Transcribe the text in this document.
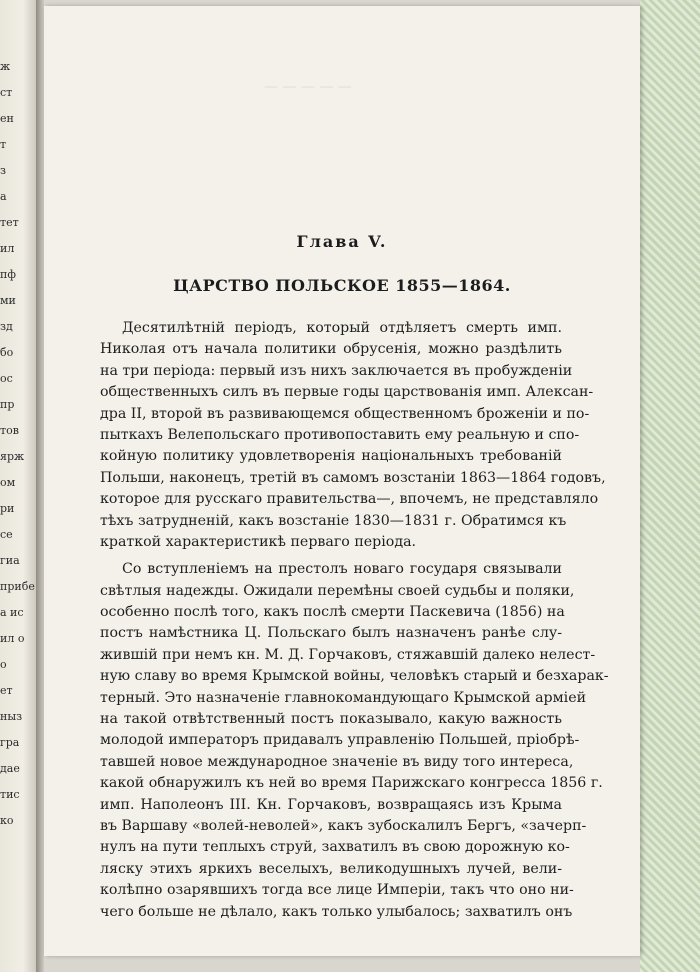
ж
ст
ен
т
з
а
тет
ил
пф
ми
зд
бо
ос
пр
тов
ярж
ом
ри
се
гиа
прибе
а ис
ил о
о
ет
ныз
гра
дае
тис
ко
— — — — —
Глава V.
ЦАРСТВО ПОЛЬСКОЕ 1855—1864.
Десятилѣтній періодъ, который отдѣляетъ смерть имп.
Николая отъ начала политики обрусенія, можно раздѣлить
на три періода: первый изъ нихъ заключается въ пробужденіи
общественныхъ силъ въ первые годы царствованія имп. Алексан-
дра II, второй въ развивающемся общественномъ броженіи и по-
пыткахъ Велепольскаго противопоставить ему реальную и спо-
койную политику удовлетворенія національныхъ требованій
Польши, наконецъ, третій въ самомъ возстаніи 1863—1864 годовъ,
которое для русскаго правительства—, впочемъ, не представляло
тѣхъ затрудненій, какъ возстаніе 1830—1831 г. Обратимся къ
краткой характеристикѣ перваго періода.
Со вступленіемъ на престолъ новаго государя связывали
свѣтлыя надежды. Ожидали перемѣны своей судьбы и поляки,
особенно послѣ того, какъ послѣ смерти Паскевича (1856) на
постъ намѣстника Ц. Польскаго былъ назначенъ ранѣе слу-
жившій при немъ кн. М. Д. Горчаковъ, стяжавшій далеко нелест-
ную славу во время Крымской войны, человѣкъ старый и безхарак-
терный. Это назначеніе главнокомандующаго Крымской арміей
на такой отвѣтственный постъ показывало, какую важность
молодой императоръ придавалъ управленію Польшей, пріобрѣ-
тавшей новое международное значеніе въ виду того интереса,
какой обнаружилъ къ ней во время Парижскаго конгресса 1856 г.
имп. Наполеонъ III. Кн. Горчаковъ, возвращаясь изъ Крыма
въ Варшаву «волей-неволей», какъ зубоскалилъ Бергъ, «зачерп-
нулъ на пути теплыхъ струй, захватилъ въ свою дорожную ко-
ляску этихъ яркихъ веселыхъ, великодушныхъ лучей, вели-
колѣпно озарявшихъ тогда все лице Имперіи, такъ что оно ни-
чего больше не дѣлало, какъ только улыбалось; захватилъ онъ
